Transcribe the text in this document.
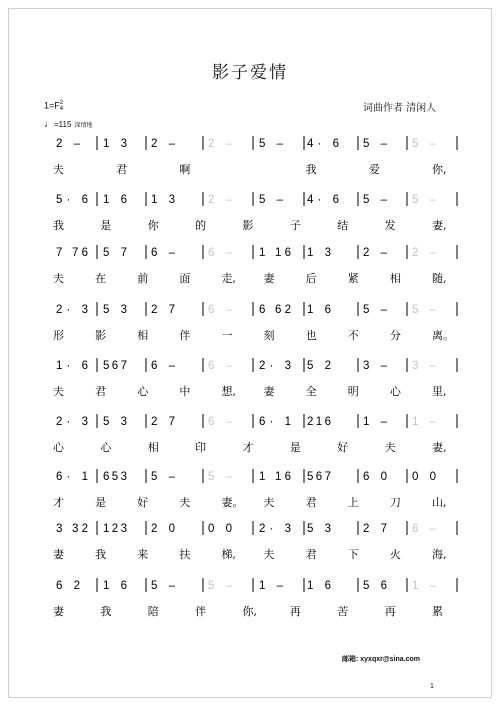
影子爱情
1=F2
4
♩=115 深情地
词曲作者 清闲人
2 – 1 3 2 –	2 – 5 – 4· 6 5 – 5 –
夫	君	啊	我	爱	你,
5· 6 1 6 1 3	2 – 5 – 4· 6 5 – 5 –
我	是	你	的	影	子	结	发	妻,
7 76 5 7 6 –	6 – 1 16 1 3	2 – 2 –
夫	在	前	面	走,	妻	后	紧	相	随,
2· 3 5 3 2 7	6 – 6 62 1 6	5 – 5 –
形	影	相	伴	一	刻	也	不	分	离。
1· 6 567 6 –	6 – 2· 3 5 2	3 – 3 –
夫	君	心	中	想,	妻	全	明	心	里,
2· 3 5 3 2 7	6 – 6· 1 216	1 – 1 –
心	心	相	印	才	是	好	夫	妻,
6· 1 653 5 –	5 – 1 16 567	6 0 0 0
才	是	好	夫	妻。 夫	君	上	刀	山,
3 32 123 2 0	0 0 2· 3 5 3	2 7 6 –
妻	我	来	扶	梯,	夫	君	下	火	海,
6 2 1 6 5 –	5 – 1 – 1 6	5 6 1 –
妻	我	陪	伴	你,	再	苦	再	累
邮箱: xyxqxr@sina.com
1
